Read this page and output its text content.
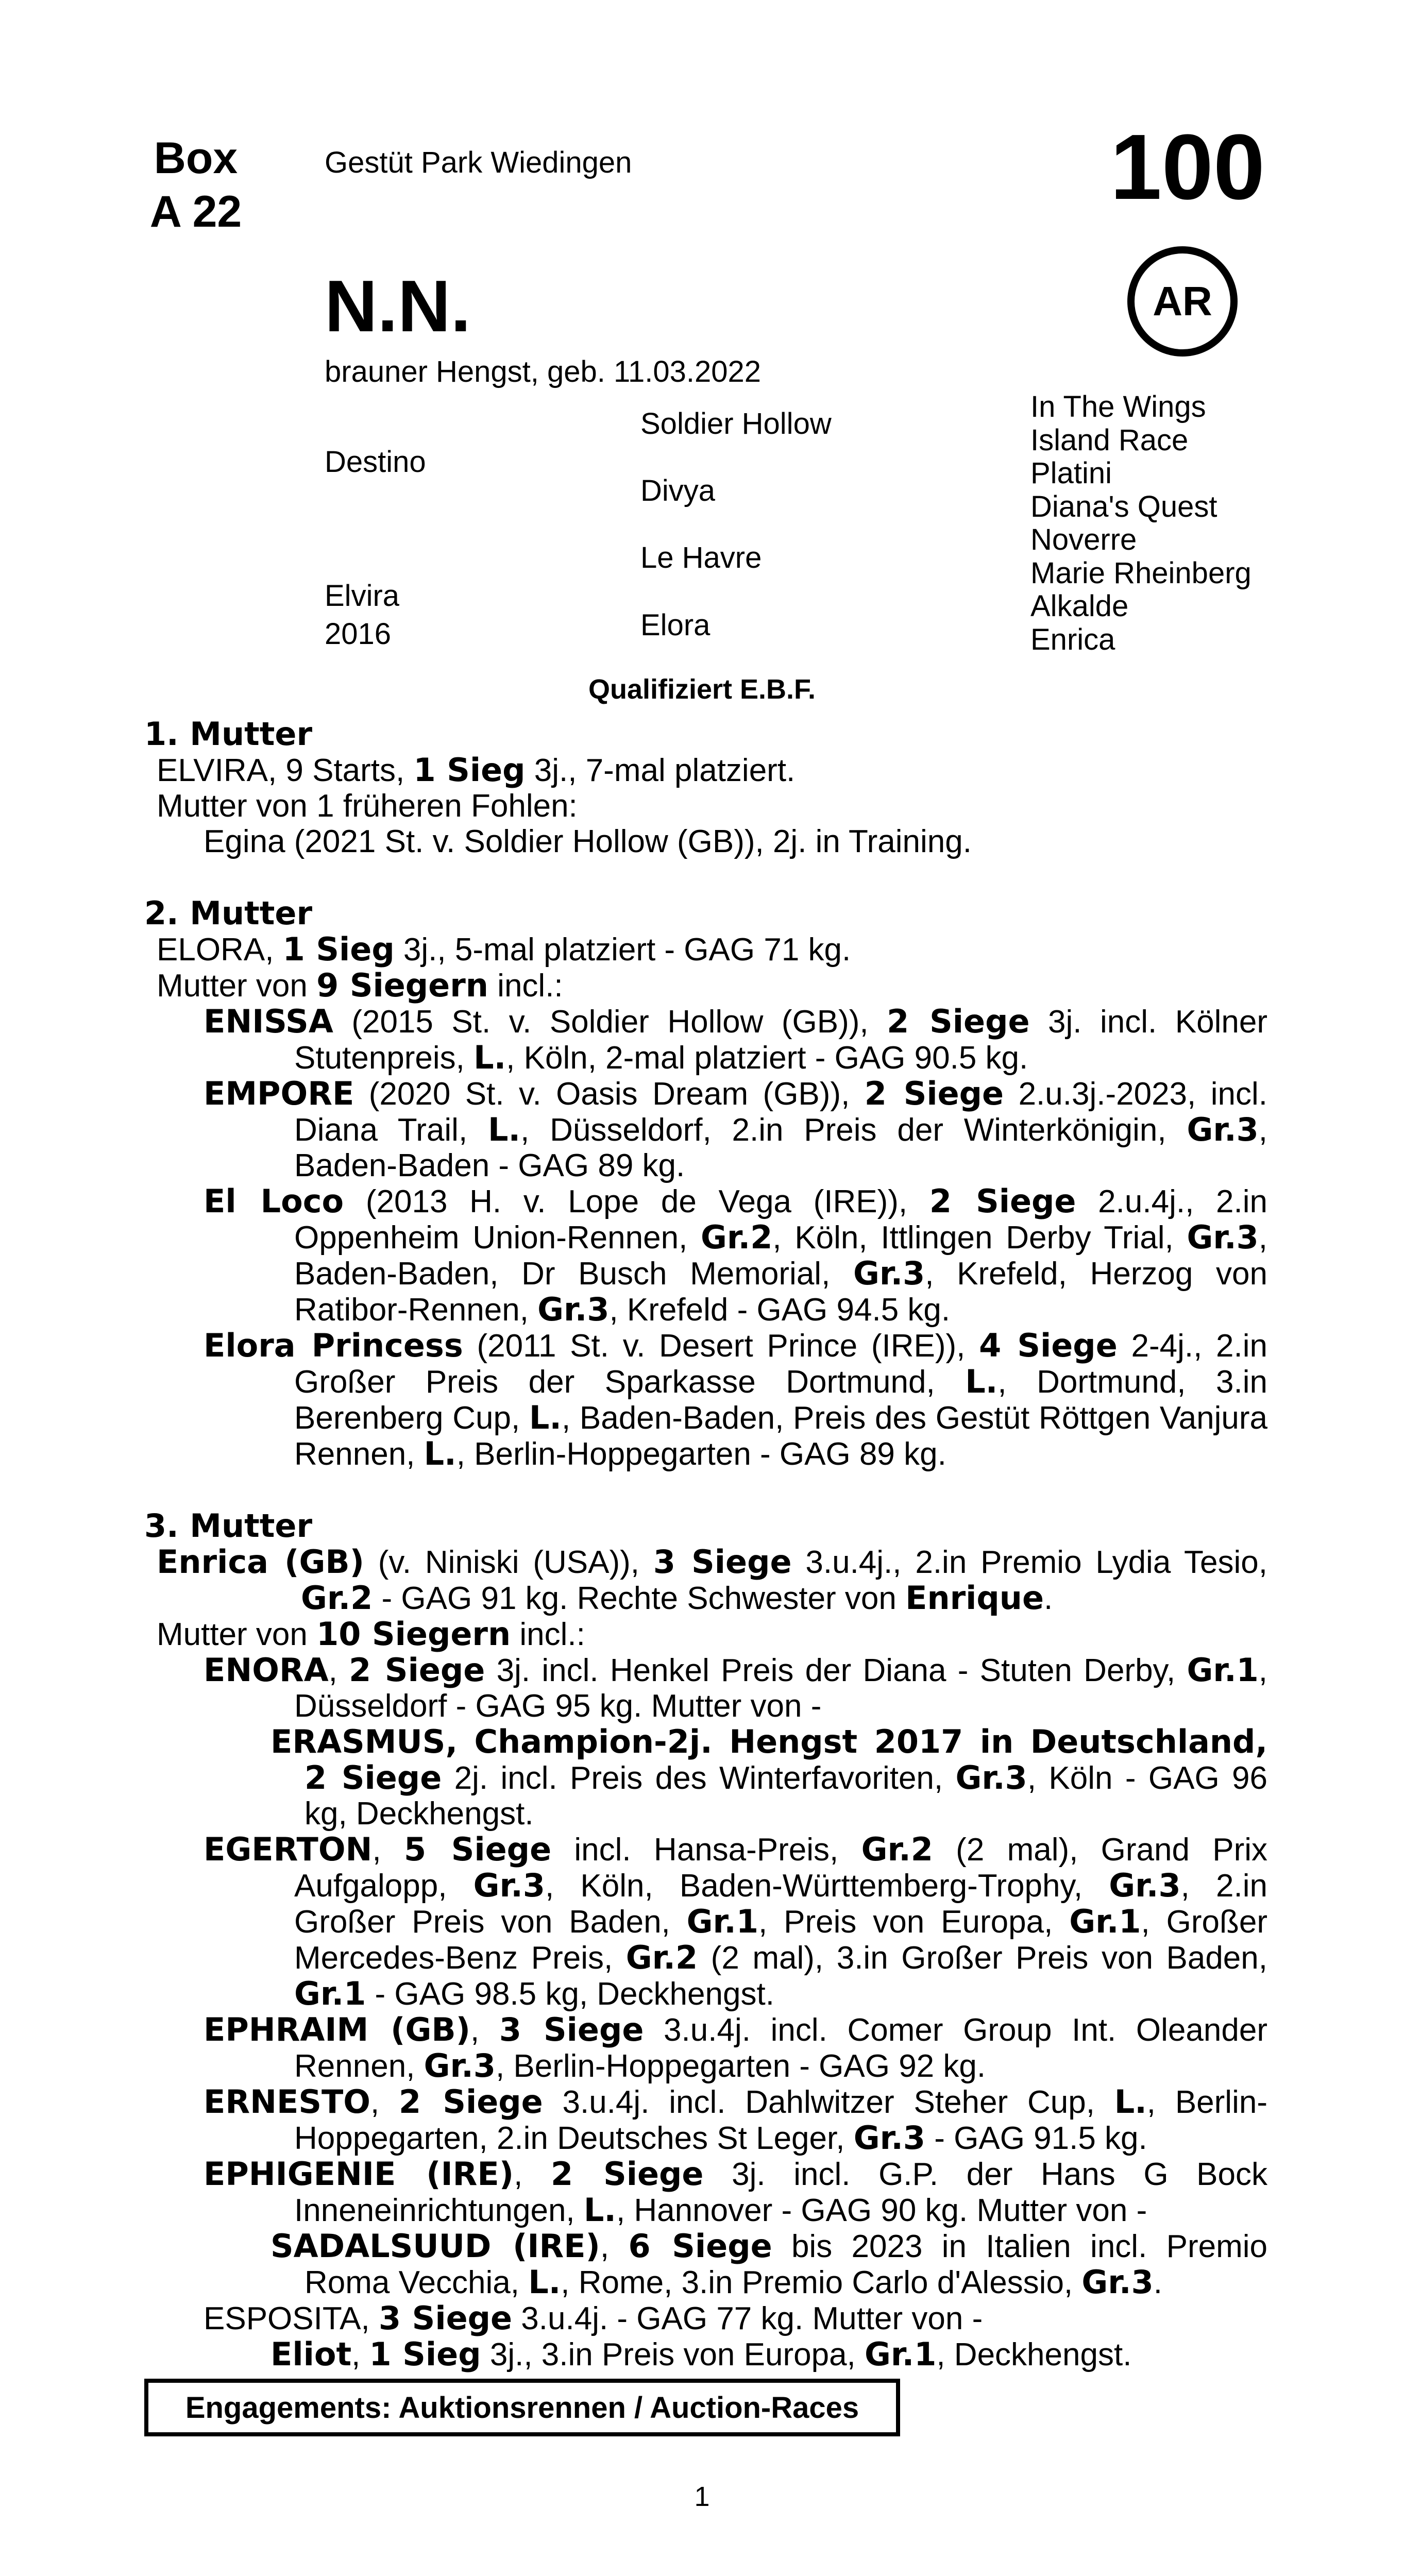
Box
A 22
Gestüt Park Wiedingen	100
AR
N.N.
brauner Hengst, geb. 11.03.2022
Destino
Elvira
2016
Soldier Hollow
Divya
Le Havre
Elora
In The Wings
Island Race
Platini
Diana's Quest
Noverre
Marie Rheinberg
Alkalde
Enrica
Qualifiziert E.B.F.
1. Mutter
ELVIRA, 9 Starts, 1 Sieg 3j., 7-mal platziert.
Mutter von 1 früheren Fohlen:
Egina (2021 St. v. Soldier Hollow (GB)), 2j. in Training.
2. Mutter
ELORA, 1 Sieg 3j., 5-mal platziert - GAG 71 kg.
Mutter von 9 Siegern incl.:
ENISSA (2015 St. v. Soldier Hollow (GB)), 2 Siege 3j. incl. Kölner Stutenpreis, L., Köln, 2-mal platziert - GAG 90.5 kg.
EMPORE (2020 St. v. Oasis Dream (GB)), 2 Siege 2.u.3j.-2023, incl. Diana Trail, L., Düsseldorf, 2.in Preis der Winterkönigin, Gr.3, Baden-Baden - GAG 89 kg.
El Loco (2013 H. v. Lope de Vega (IRE)), 2 Siege 2.u.4j., 2.in Oppenheim Union-Rennen, Gr.2, Köln, Ittlingen Derby Trial, Gr.3, Baden-Baden, Dr Busch Memorial, Gr.3, Krefeld, Herzog von Ratibor-Rennen, Gr.3, Krefeld - GAG 94.5 kg.
Elora Princess (2011 St. v. Desert Prince (IRE)), 4 Siege 2-4j., 2.in Großer Preis der Sparkasse Dortmund, L., Dortmund, 3.in Berenberg Cup, L., Baden-Baden, Preis des Gestüt Röttgen Vanjura Rennen, L., Berlin-Hoppegarten - GAG 89 kg.
3. Mutter
Enrica (GB) (v. Niniski (USA)), 3 Siege 3.u.4j., 2.in Premio Lydia Tesio, Gr.2 - GAG 91 kg. Rechte Schwester von Enrique.
Mutter von 10 Siegern incl.:
ENORA, 2 Siege 3j. incl. Henkel Preis der Diana - Stuten Derby, Gr.1, Düsseldorf - GAG 95 kg. Mutter von -
ERASMUS, Champion-2j. Hengst 2017 in Deutschland, 2 Siege 2j. incl. Preis des Winterfavoriten, Gr.3, Köln - GAG 96 kg, Deckhengst.
EGERTON, 5 Siege incl. Hansa-Preis, Gr.2 (2 mal), Grand Prix Aufgalopp, Gr.3, Köln, Baden-Württemberg-Trophy, Gr.3, 2.in Großer Preis von Baden, Gr.1, Preis von Europa, Gr.1, Großer Mercedes-Benz Preis, Gr.2 (2 mal), 3.in Großer Preis von Baden, Gr.1 - GAG 98.5 kg, Deckhengst.
EPHRAIM (GB), 3 Siege 3.u.4j. incl. Comer Group Int. Oleander Rennen, Gr.3, Berlin-Hoppegarten - GAG 92 kg.
ERNESTO, 2 Siege 3.u.4j. incl. Dahlwitzer Steher Cup, L., Berlin-Hoppegarten, 2.in Deutsches St Leger, Gr.3 - GAG 91.5 kg.
EPHIGENIE (IRE), 2 Siege 3j. incl. G.P. der Hans G Bock Inneneinrichtungen, L., Hannover - GAG 90 kg. Mutter von -
SADALSUUD (IRE), 6 Siege bis 2023 in Italien incl. Premio Roma Vecchia, L., Rome, 3.in Premio Carlo d'Alessio, Gr.3.
ESPOSITA, 3 Siege 3.u.4j. - GAG 77 kg. Mutter von -
Eliot, 1 Sieg 3j., 3.in Preis von Europa, Gr.1, Deckhengst.
Engagements: Auktionsrennen / Auction-Races
1
